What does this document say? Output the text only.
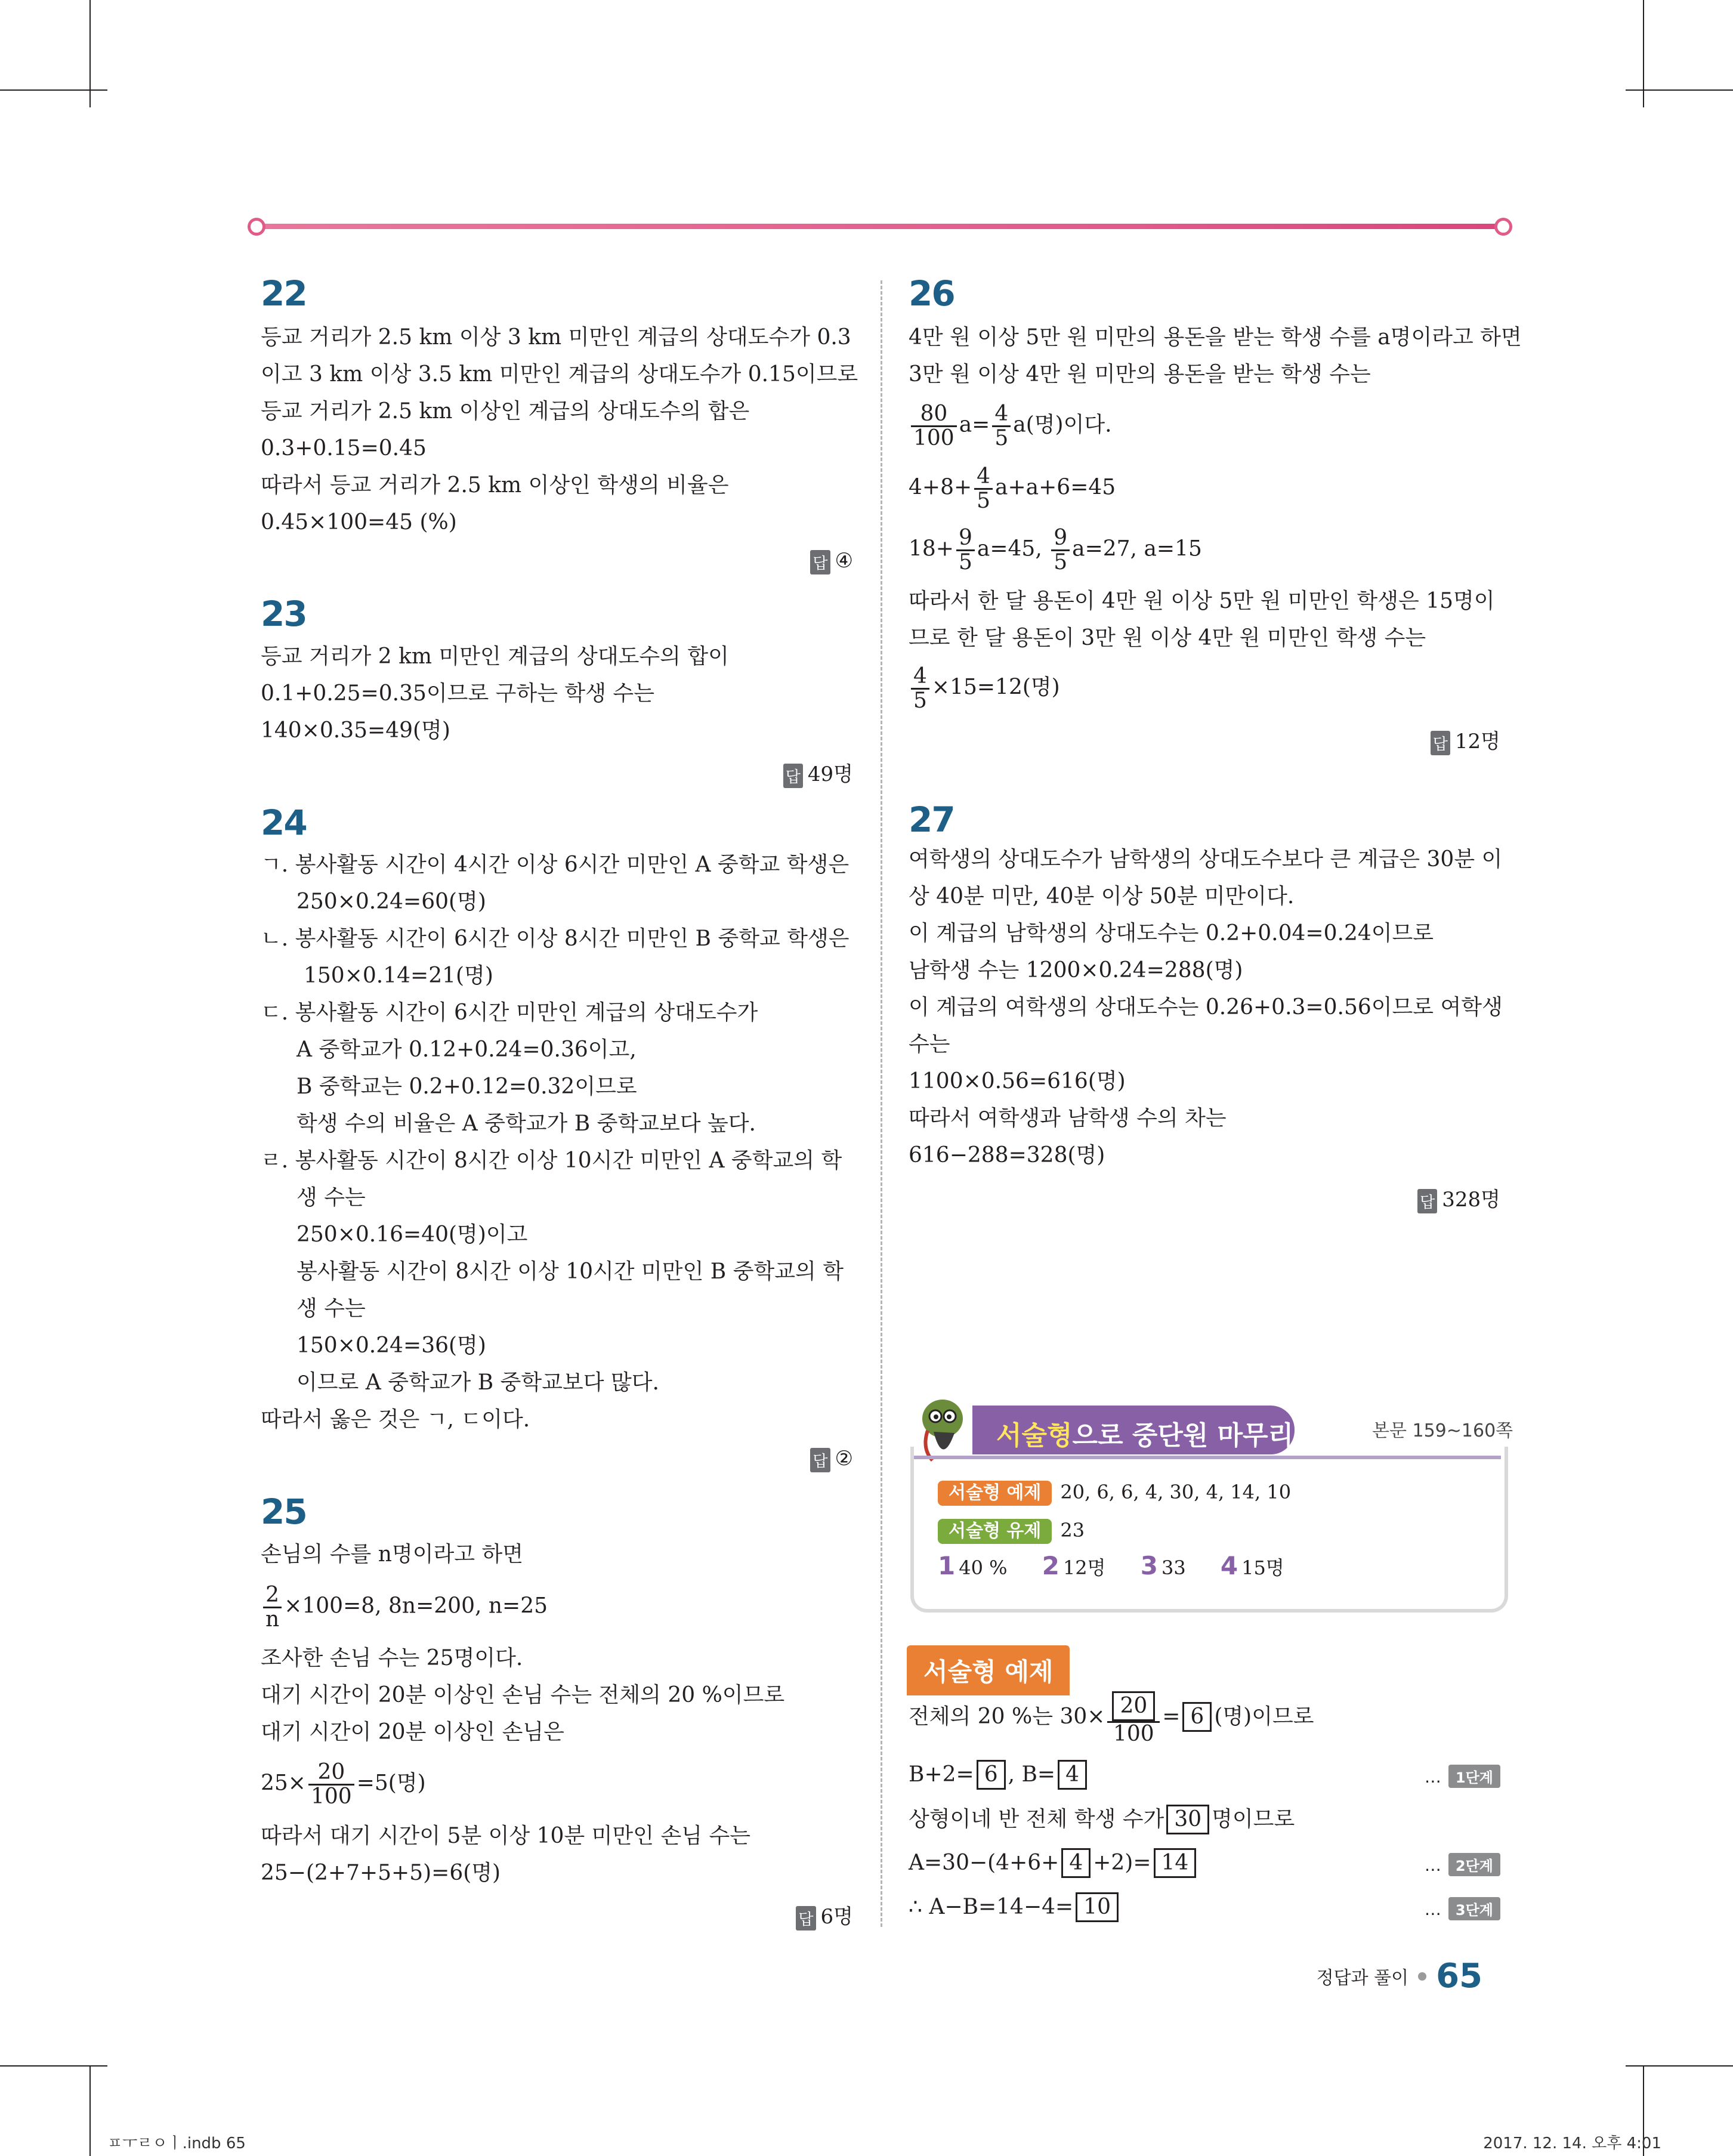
22
등교 거리가 2.5 km 이상 3 km 미만인 계급의 상대도수가 0.3
이고 3 km 이상 3.5 km 미만인 계급의 상대도수가 0.15이므로
등교 거리가 2.5 km 이상인 계급의 상대도수의 합은
0.3+0.15=0.45
따라서 등교 거리가 2.5 km 이상인 학생의 비율은
0.45×100=45 (%)
답 ④
23
등교 거리가 2 km 미만인 계급의 상대도수의 합이
0.1+0.25=0.35이므로 구하는 학생 수는
140×0.35=49(명)
답 49명
24
ㄱ. 봉사활동 시간이 4시간 이상 6시간 미만인 A 중학교 학생은
250×0.24=60(명)
ㄴ. 봉사활동 시간이 6시간 이상 8시간 미만인 B 중학교 학생은
150×0.14=21(명)
ㄷ. 봉사활동 시간이 6시간 미만인 계급의 상대도수가
A 중학교가 0.12+0.24=0.36이고,
B 중학교는 0.2+0.12=0.32이므로
학생 수의 비율은 A 중학교가 B 중학교보다 높다.
ㄹ. 봉사활동 시간이 8시간 이상 10시간 미만인 A 중학교의 학
생 수는
250×0.16=40(명)이고
봉사활동 시간이 8시간 이상 10시간 미만인 B 중학교의 학
생 수는
150×0.24=36(명)
이므로 A 중학교가 B 중학교보다 많다.
따라서 옳은 것은 ㄱ, ㄷ이다.
답 ②
25
손님의 수를 n명이라고 하면
$\frac{2}{n} \times 100=8$, 8n=200, n=25
조사한 손님 수는 25명이다.
대기 시간이 20분 이상인 손님 수는 전체의 20 %이므로
대기 시간이 20분 이상인 손님은
$25\times \frac{20}{100} =5$(명)
따라서 대기 시간이 5분 이상 10분 미만인 손님 수는
25−(2+7+5+5)=6(명)
답 6명
26
4만 원 이상 5만 원 미만의 용돈을 받는 학생 수를 a명이라고 하면
3만 원 이상 4만 원 미만의 용돈을 받는 학생 수는
$\frac{80}{100} a= \frac{4}{5} a$(명)이다.
$4+8+ \frac{4}{5} a+a+6=45$
$18+ \frac{9}{5} a=45$, $\frac{9}{5} a=27$, a=15
따라서 한 달 용돈이 4만 원 이상 5만 원 미만인 학생은 15명이
므로 한 달 용돈이 3만 원 이상 4만 원 미만인 학생 수는
$\frac{4}{5} \times 15=12$(명)
답 12명
27
여학생의 상대도수가 남학생의 상대도수보다 큰 계급은 30분 이
상 40분 미만, 40분 이상 50분 미만이다.
이 계급의 남학생의 상대도수는 0.2+0.04=0.24이므로
남학생 수는 1200×0.24=288(명)
이 계급의 여학생의 상대도수는 0.26+0.3=0.56이므로 여학생
수는
1100×0.56=616(명)
따라서 여학생과 남학생 수의 차는
616−288=328(명)
답 328명
서술형으로 중단원 마무리	본문 159~160쪽
서술형 예제 20, 6, 6, 4, 30, 4, 14, 10
서술형 유제 23
1 40 % 2 12명 3 33 4 15명
서술형 예제
전체의 20 %는 $30\times \frac{20}{100} = 6$ (명)이므로
B+2= 6 , B= 4	… 1단계
상형이네 반 전체 학생 수가 30 명이므로
A=30−(4+6+ 4 +2)= 14	… 2단계
∴ A−B=14−4= 10	… 3단계
정답과 풀이 65
ㅍㅜㄹㅇㅣ.indb 65	2017. 12. 14. 오후 4:01
